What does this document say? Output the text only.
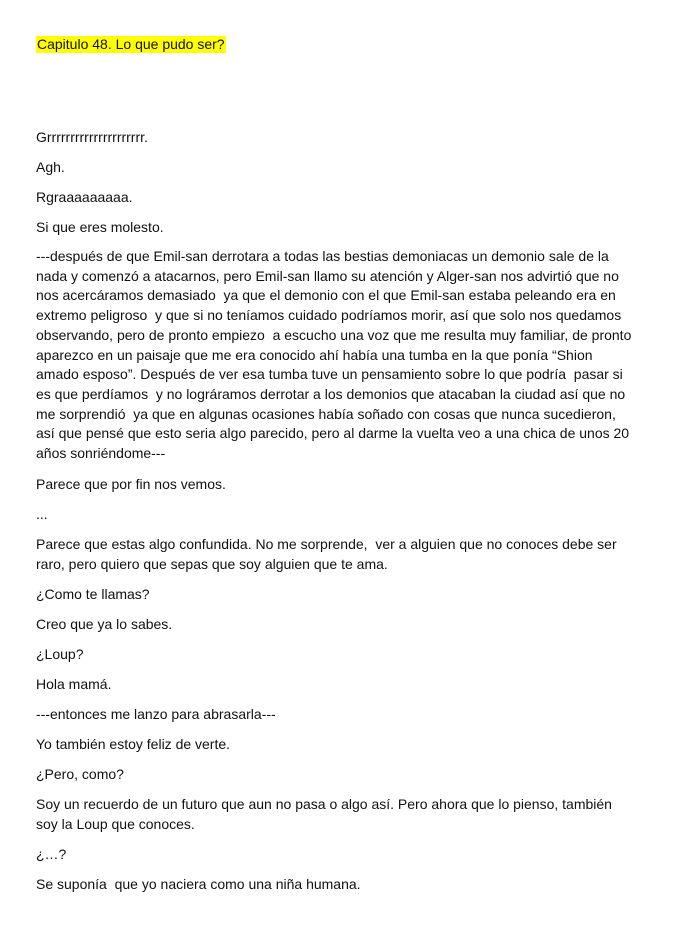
Capitulo 48. Lo que pudo ser?

Grrrrrrrrrrrrrrrrrrrrr.

Agh.

Rgraaaaaaaaa.

Si que eres molesto.

---después de que Emil-san derrotara a todas las bestias demoniacas un demonio sale de la nada y comenzó a atacarnos, pero Emil-san llamo su atención y Alger-san nos advirtió que no nos acercáramos demasiado  ya que el demonio con el que Emil-san estaba peleando era en extremo peligroso  y que si no teníamos cuidado podríamos morir, así que solo nos quedamos observando, pero de pronto empiezo  a escucho una voz que me resulta muy familiar, de pronto aparezco en un paisaje que me era conocido ahí había una tumba en la que ponía “Shion amado esposo”. Después de ver esa tumba tuve un pensamiento sobre lo que podría  pasar si es que perdíamos  y no lográramos derrotar a los demonios que atacaban la ciudad así que no me sorprendió  ya que en algunas ocasiones había soñado con cosas que nunca sucedieron, así que pensé que esto seria algo parecido, pero al darme la vuelta veo a una chica de unos 20 años sonriéndome---

Parece que por fin nos vemos.

...

Parece que estas algo confundida. No me sorprende,  ver a alguien que no conoces debe ser raro, pero quiero que sepas que soy alguien que te ama.

¿Como te llamas?

Creo que ya lo sabes.

¿Loup?

Hola mamá.

---entonces me lanzo para abrasarla---

Yo también estoy feliz de verte.

¿Pero, como?

Soy un recuerdo de un futuro que aun no pasa o algo así. Pero ahora que lo pienso, también soy la Loup que conoces.

¿…?

Se suponía  que yo naciera como una niña humana.
